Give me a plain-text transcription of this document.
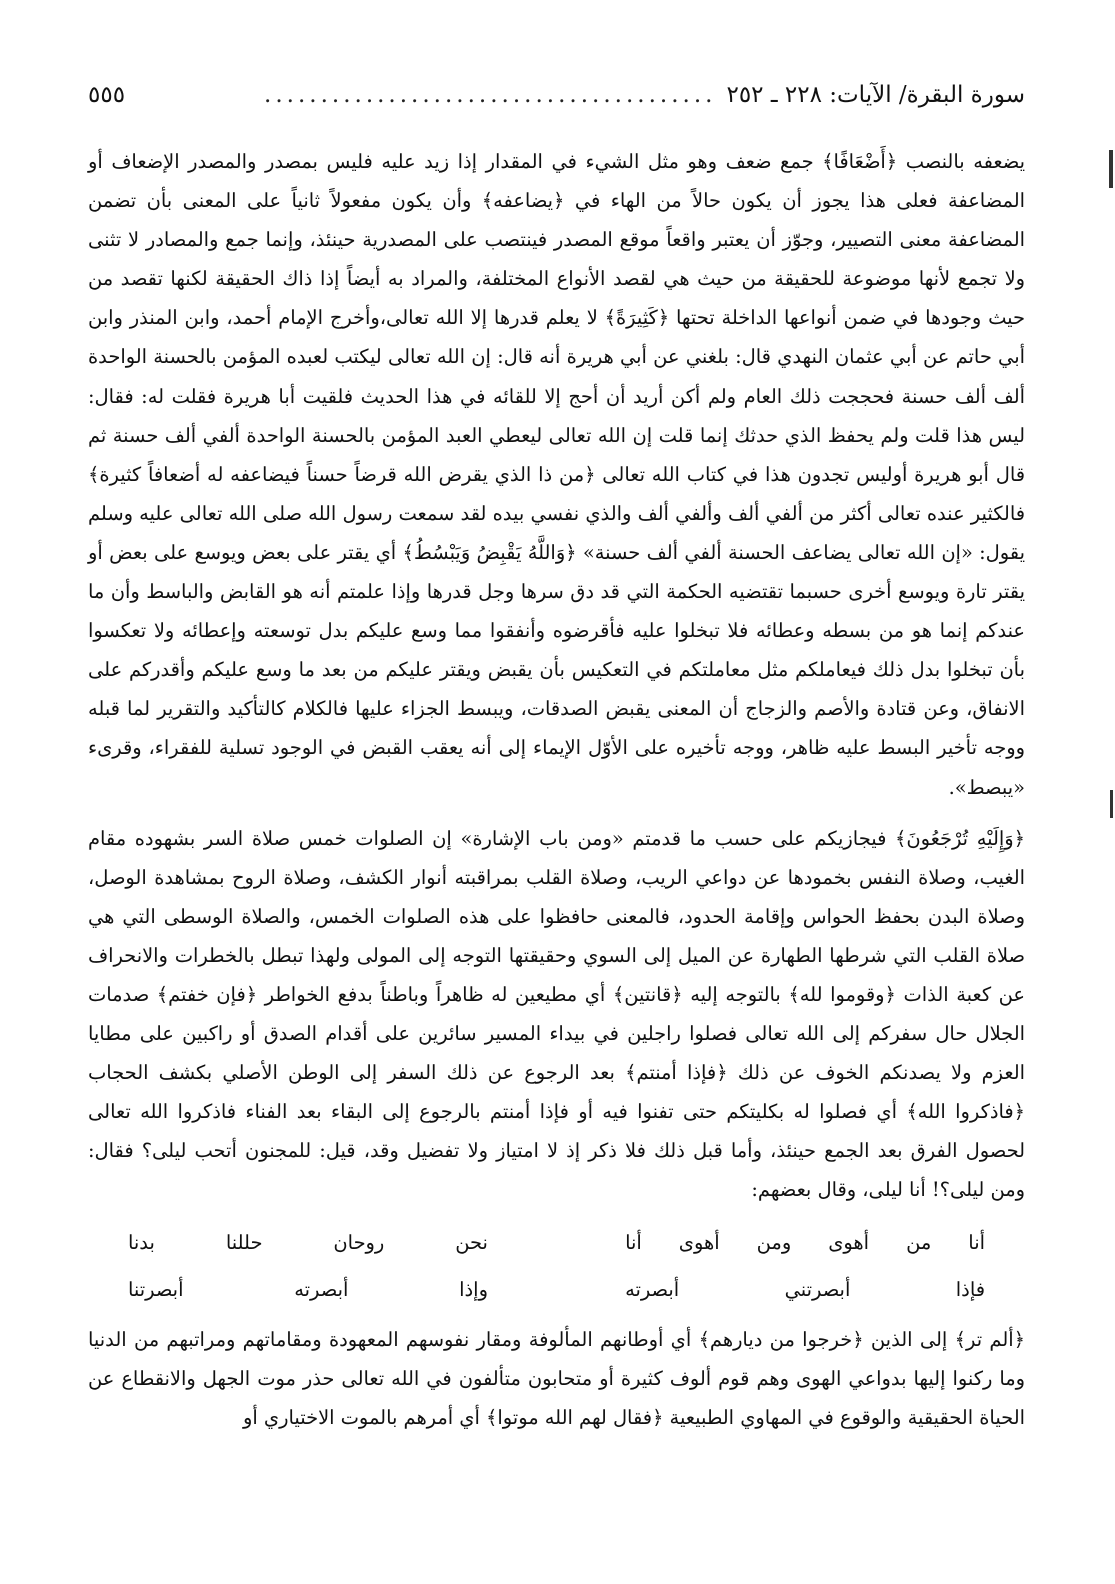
سورة البقرة/ الآيات: ٢٢٨ ـ ٢٥٢
........................................
٥٥٥

يضعفه بالنصب ﴿أَضْعَافًا﴾ جمع ضعف وهو مثل الشيء في المقدار إذا زيد عليه فليس بمصدر والمصدر الإضعاف أو المضاعفة فعلى هذا يجوز أن يكون حالاً من الهاء في ﴿يضاعفه﴾ وأن يكون مفعولاً ثانياً على المعنى بأن تضمن المضاعفة معنى التصيير، وجوّز أن يعتبر واقعاً موقع المصدر فينتصب على المصدرية حينئذ، وإنما جمع والمصادر لا تثنى ولا تجمع لأنها موضوعة للحقيقة من حيث هي لقصد الأنواع المختلفة، والمراد به أيضاً إذا ذاك الحقيقة لكنها تقصد من حيث وجودها في ضمن أنواعها الداخلة تحتها ﴿كَثِيرَةً﴾ لا يعلم قدرها إلا الله تعالى،وأخرج الإمام أحمد، وابن المنذر وابن أبي حاتم عن أبي عثمان النهدي قال: بلغني عن أبي هريرة أنه قال: إن الله تعالى ليكتب لعبده المؤمن بالحسنة الواحدة ألف ألف حسنة فحججت ذلك العام ولم أكن أريد أن أحج إلا للقائه في هذا الحديث فلقيت أبا هريرة فقلت له: فقال: ليس هذا قلت ولم يحفظ الذي حدثك إنما قلت إن الله تعالى ليعطي العبد المؤمن بالحسنة الواحدة ألفي ألف حسنة ثم قال أبو هريرة أوليس تجدون هذا في كتاب الله تعالى ﴿من ذا الذي يقرض الله قرضاً حسناً فيضاعفه له أضعافاً كثيرة﴾ فالكثير عنده تعالى أكثر من ألفي ألف وألفي ألف والذي نفسي بيده لقد سمعت رسول الله صلى الله تعالى عليه وسلم يقول: «إن الله تعالى يضاعف الحسنة ألفي ألف حسنة» ﴿وَاللَّهُ يَقْبِضُ وَيَبْسُطُ﴾ أي يقتر على بعض ويوسع على بعض أو يقتر تارة ويوسع أخرى حسبما تقتضيه الحكمة التي قد دق سرها وجل قدرها وإذا علمتم أنه هو القابض والباسط وأن ما عندكم إنما هو من بسطه وعطائه فلا تبخلوا عليه فأقرضوه وأنفقوا مما وسع عليكم بدل توسعته وإعطائه ولا تعكسوا بأن تبخلوا بدل ذلك فيعاملكم مثل معاملتكم في التعكيس بأن يقبض ويقتر عليكم من بعد ما وسع عليكم وأقدركم على الانفاق، وعن قتادة والأصم والزجاج أن المعنى يقبض الصدقات، ويبسط الجزاء عليها فالكلام كالتأكيد والتقرير لما قبله ووجه تأخير البسط عليه ظاهر، ووجه تأخيره على الأوّل الإيماء إلى أنه يعقب القبض في الوجود تسلية للفقراء، وقرىء «يبصط».

﴿وَإِلَيْهِ تُرْجَعُونَ﴾ فيجازيكم على حسب ما قدمتم «ومن باب الإشارة» إن الصلوات خمس صلاة السر بشهوده مقام الغيب، وصلاة النفس بخمودها عن دواعي الريب، وصلاة القلب بمراقبته أنوار الكشف، وصلاة الروح بمشاهدة الوصل، وصلاة البدن بحفظ الحواس وإقامة الحدود، فالمعنى حافظوا على هذه الصلوات الخمس، والصلاة الوسطى التي هي صلاة القلب التي شرطها الطهارة عن الميل إلى السوي وحقيقتها التوجه إلى المولى ولهذا تبطل بالخطرات والانحراف عن كعبة الذات ﴿وقوموا لله﴾ بالتوجه إليه ﴿قانتين﴾ أي مطيعين له ظاهراً وباطناً بدفع الخواطر ﴿فإن خفتم﴾ صدمات الجلال حال سفركم إلى الله تعالى فصلوا راجلين في بيداء المسير سائرين على أقدام الصدق أو راكبين على مطايا العزم ولا يصدنكم الخوف عن ذلك ﴿فإذا أمنتم﴾ بعد الرجوع عن ذلك السفر إلى الوطن الأصلي بكشف الحجاب ﴿فاذكروا الله﴾ أي فصلوا له بكليتكم حتى تفنوا فيه أو فإذا أمنتم بالرجوع إلى البقاء بعد الفناء فاذكروا الله تعالى لحصول الفرق بعد الجمع حينئذ، وأما قبل ذلك فلا ذكر إذ لا امتياز ولا تفضيل وقد، قيل: للمجنون أتحب ليلى؟ فقال: ومن ليلى؟! أنا ليلى، وقال بعضهم:

أنا من أهوى ومن أهوى أنا
نحن روحان حللنا بدنا
فإذا أبصرتني أبصرته
وإذا أبصرته أبصرتنا

﴿ألم تر﴾ إلى الذين ﴿خرجوا من ديارهم﴾ أي أوطانهم المألوفة ومقار نفوسهم المعهودة ومقاماتهم ومراتبهم من الدنيا وما ركنوا إليها بدواعي الهوى وهم قوم ألوف كثيرة أو متحابون متألفون في الله تعالى حذر موت الجهل والانقطاع عن الحياة الحقيقية والوقوع في المهاوي الطبيعية ﴿فقال لهم الله موتوا﴾ أي أمرهم بالموت الاختياري أو
